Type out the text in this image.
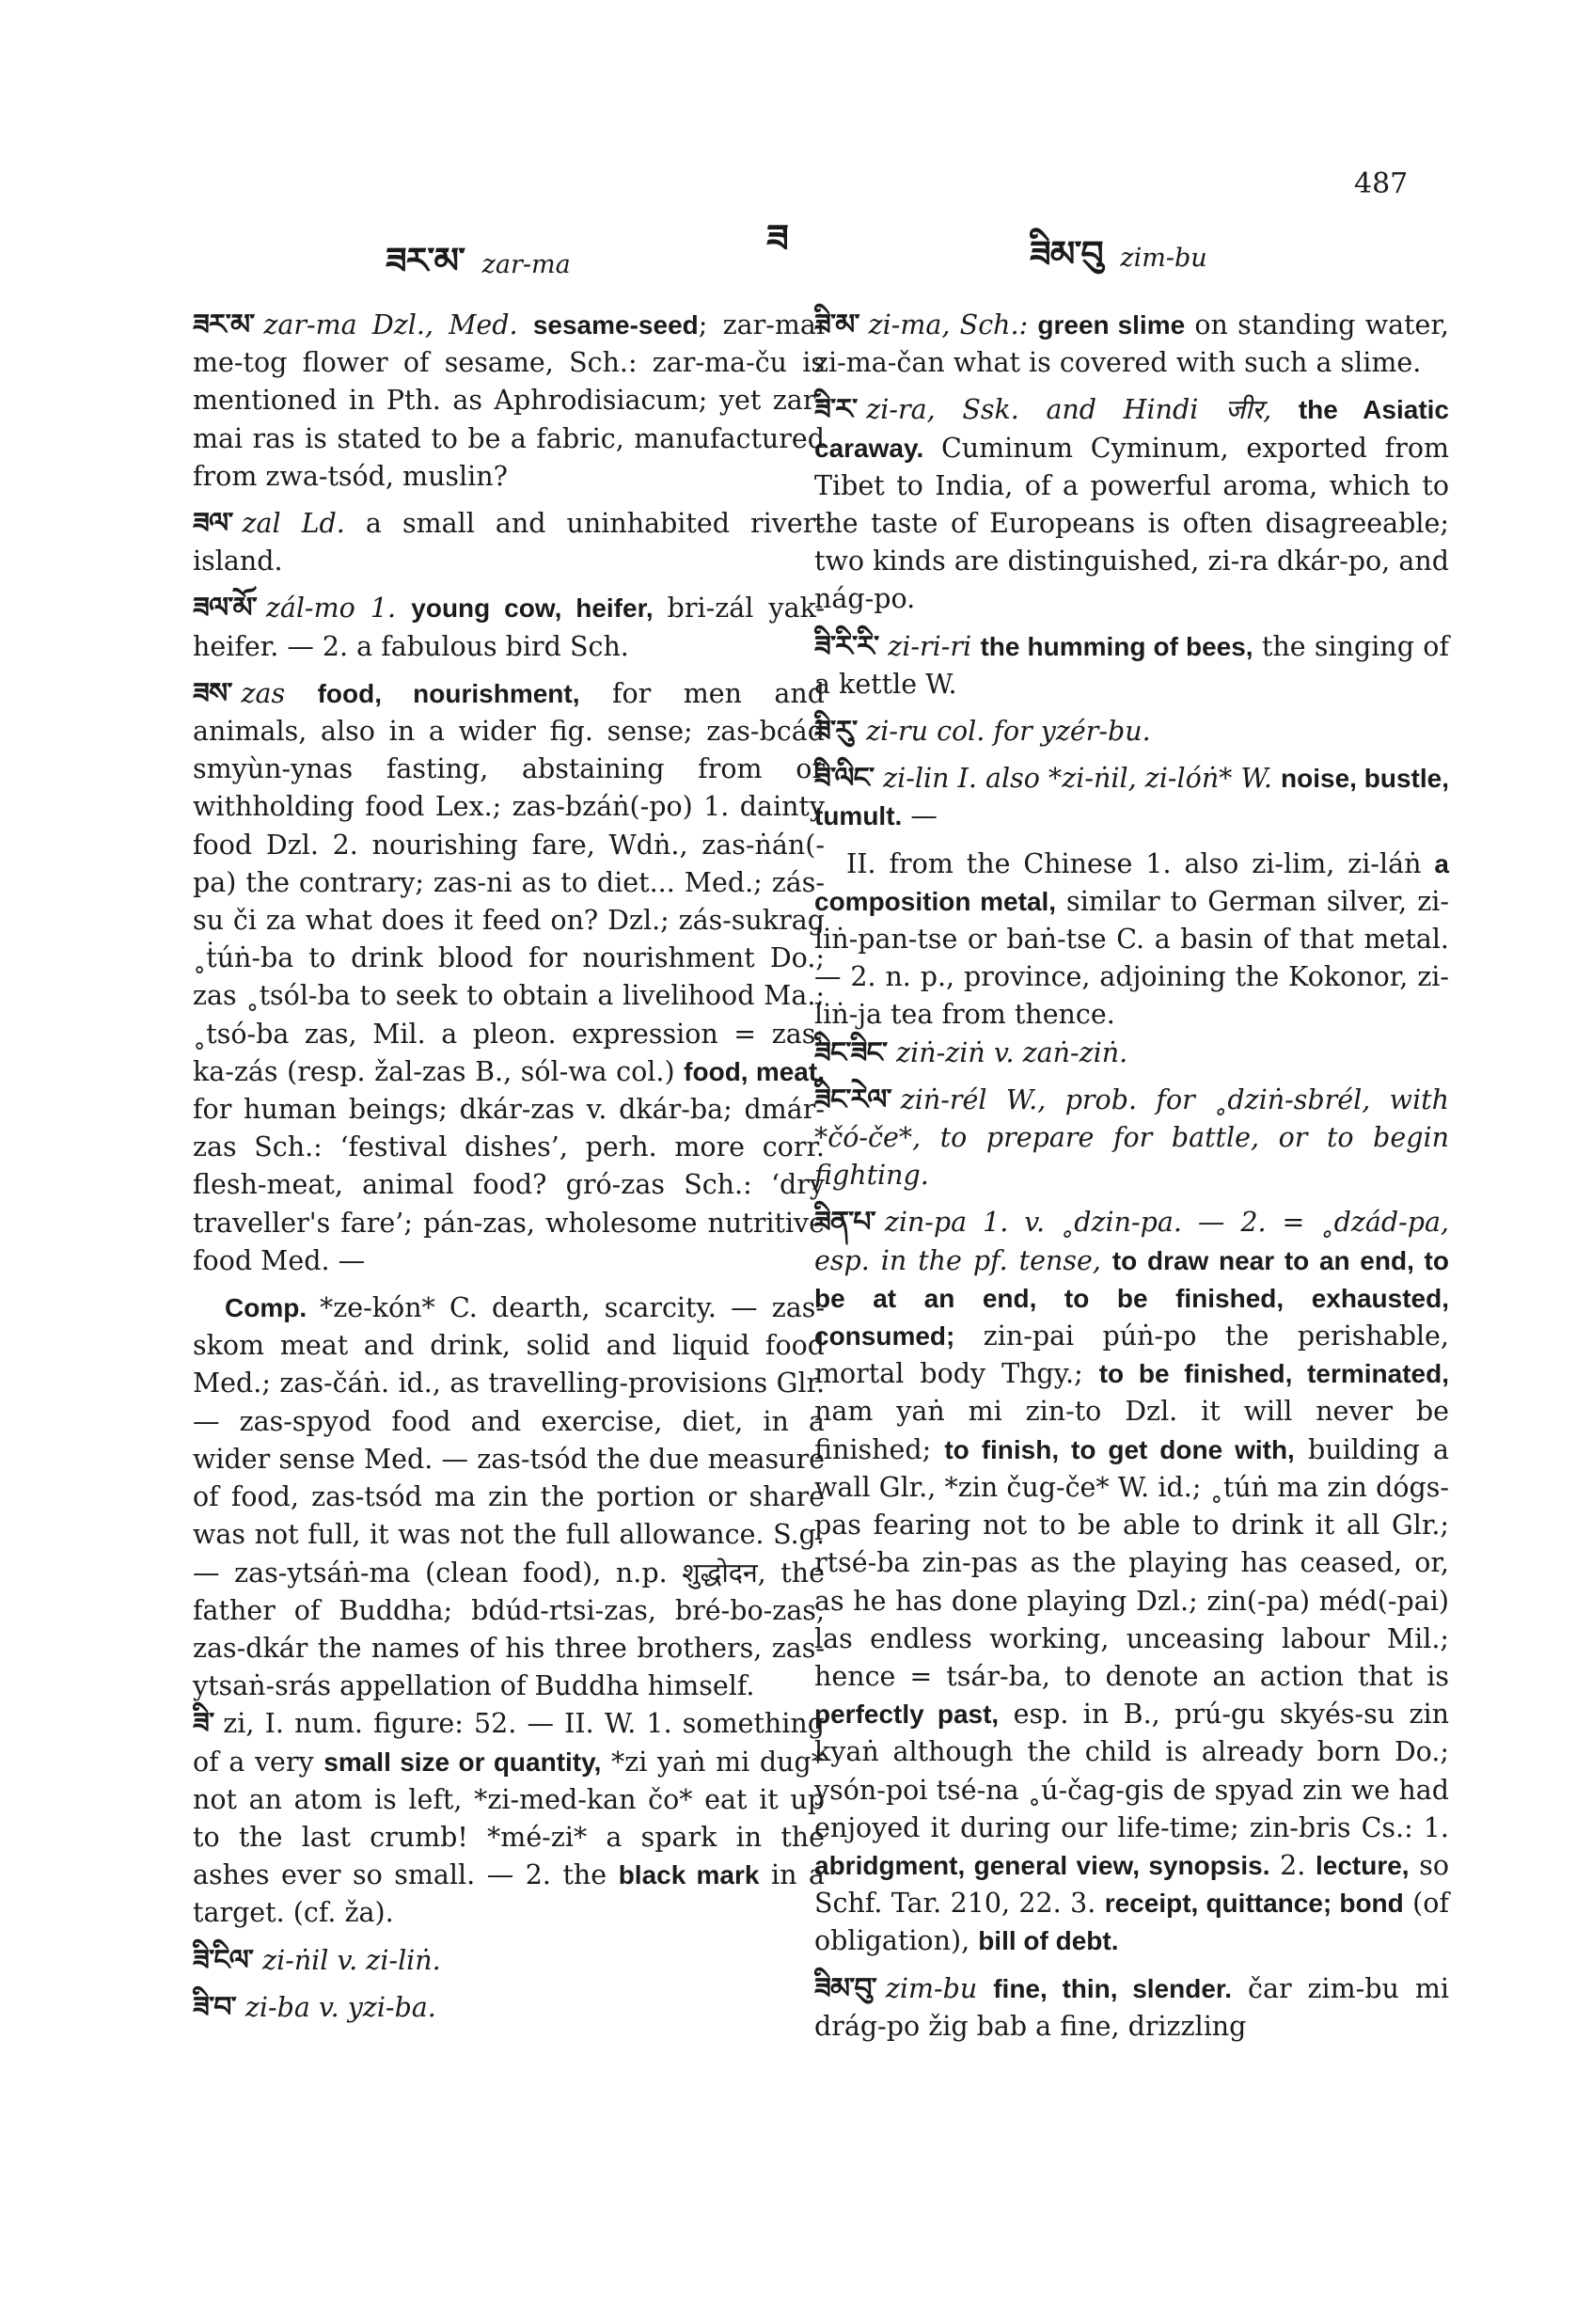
487
ཟ
ཟར་མ་ zar-ma	ཟིམ་བུ zim-bu
ཟར་མ་ zar-ma Dzl., Med. sesame-seed; zar-mai me-tog flower of sesame, Sch.: zar-ma-ču is mentioned in Pth. as Aphrodisiacum; yet zar-mai ras is stated to be a fabric, manufactured from zwa-tsód, muslin?
ཟལ་ zal Ld. a small and uninhabited river-island.
ཟལ་མོ་ zál-mo 1. young cow, heifer, bri-zál yak-heifer. — 2. a fabulous bird Sch.
ཟས་ zas food, nourishment, for men and animals, also in a wider fig. sense; zas-bcád smyùn-ynas fasting, abstaining from or withholding food Lex.; zas-bzáṅ(-po) 1. dainty food Dzl. 2. nourishing fare, Wdṅ., zas-ṅán(-pa) the contrary; zas-ni as to diet... Med.; zás-su či za what does it feed on? Dzl.; zás-sukrag ˳ṫúṅ-ba to drink blood for nourishment Do.; zas ˳tsól-ba to seek to obtain a livelihood Ma.; ˳tsó-ba zas, Mil. a pleon. expression = zas; ka-zás (resp. žal-zas B., sól-wa col.) food, meat, for human beings; dkár-zas v. dkár-ba; dmár-zas Sch.: ‘festival dishes’, perh. more corr. flesh-meat, animal food? gró-zas Sch.: ‘dry traveller's fare’; pán-zas, wholesome nutritive food Med. —
Comp. *ze-kón* C. dearth, scarcity. — zas-skom meat and drink, solid and liquid food Med.; zas-čáṅ. id., as travelling-provisions Glr. — zas-spyod food and exercise, diet, in a wider sense Med. — zas-tsód the due measure of food, zas-tsód ma zin the portion or share was not full, it was not the full allowance. S.g. — zas-ytsáṅ-ma (clean food), n.p. शुद्धोदन, the father of Buddha; bdúd-rtsi-zas, bré-bo-zas, zas-dkár the names of his three brothers, zas-ytsaṅ-srás appellation of Buddha himself.
ཟི་ zi, I. num. figure: 52. — II. W. 1. something of a very small size or quantity, *zi yaṅ mi dug* not an atom is left, *zi-med-kan čo* eat it up to the last crumb! *mé-zi* a spark in the ashes ever so small. — 2. the black mark in a target. (cf. ža).
ཟི་ངིལ་ zi-ṅil v. zi-liṅ.
ཟི་བ་ zi-ba v. yzi-ba.
ཟི་མ་ zi-ma, Sch.: green slime on standing water, zi-ma-čan what is covered with such a slime.
ཟི་ར་ zi-ra, Ssk. and Hindi जीर, the Asiatic caraway. Cuminum Cyminum, exported from Tibet to India, of a powerful aroma, which to the taste of Europeans is often disagreeable; two kinds are distinguished, zi-ra dkár-po, and nág-po.
ཟི་རི་རི་ zi-ri-ri the humming of bees, the singing of a kettle W.
ཟི་རུ་ zi-ru col. for yzér-bu.
ཟི་ལིང་ zi-lin I. also *zi-ṅil, zi-lóṅ* W. noise, bustle, tumult. —
II. from the Chinese 1. also zi-lim, zi-láṅ a composition metal, similar to German silver, zi-liṅ-pan-tse or baṅ-tse C. a basin of that metal. — 2. n. p., province, adjoining the Kokonor, zi-liṅ-ja tea from thence.
ཟིང་ཟིང་ ziṅ-ziṅ v. zaṅ-ziṅ.
ཟིང་རེལ་ ziṅ-rél W., prob. for ˳dziṅ-sbrél, with *čó-če*, to prepare for battle, or to begin fighting.
ཟིན་པ་ zin-pa 1. v. ˳dzin-pa. — 2. = ˳dzád-pa, esp. in the pf. tense, to draw near to an end, to be at an end, to be finished, exhausted, consumed; zin-pai púṅ-po the perishable, mortal body Thgy.; to be finished, terminated, nam yaṅ mi zin-to Dzl. it will never be finished; to finish, to get done with, building a wall Glr., *zin čug-če* W. id.; ˳túṅ ma zin dógs-pas fearing not to be able to drink it all Glr.; rtsé-ba zin-pas as the playing has ceased, or, as he has done playing Dzl.; zin(-pa) méd(-pai) las endless working, unceasing labour Mil.; hence = tsár-ba, to denote an action that is perfectly past, esp. in B., prú-gu skyés-su zin kyaṅ although the child is already born Do.; ysón-poi tsé-na ˳ú-čag-gis de spyad zin we had enjoyed it during our life-time; zin-bris Cs.: 1. abridgment, general view, synopsis. 2. lecture, so Schf. Tar. 210, 22. 3. receipt, quittance; bond (of obligation), bill of debt.
ཟིམ་བུ་ zim-bu fine, thin, slender. čar zim-bu mi drág-po žig bab a fine, drizzling
